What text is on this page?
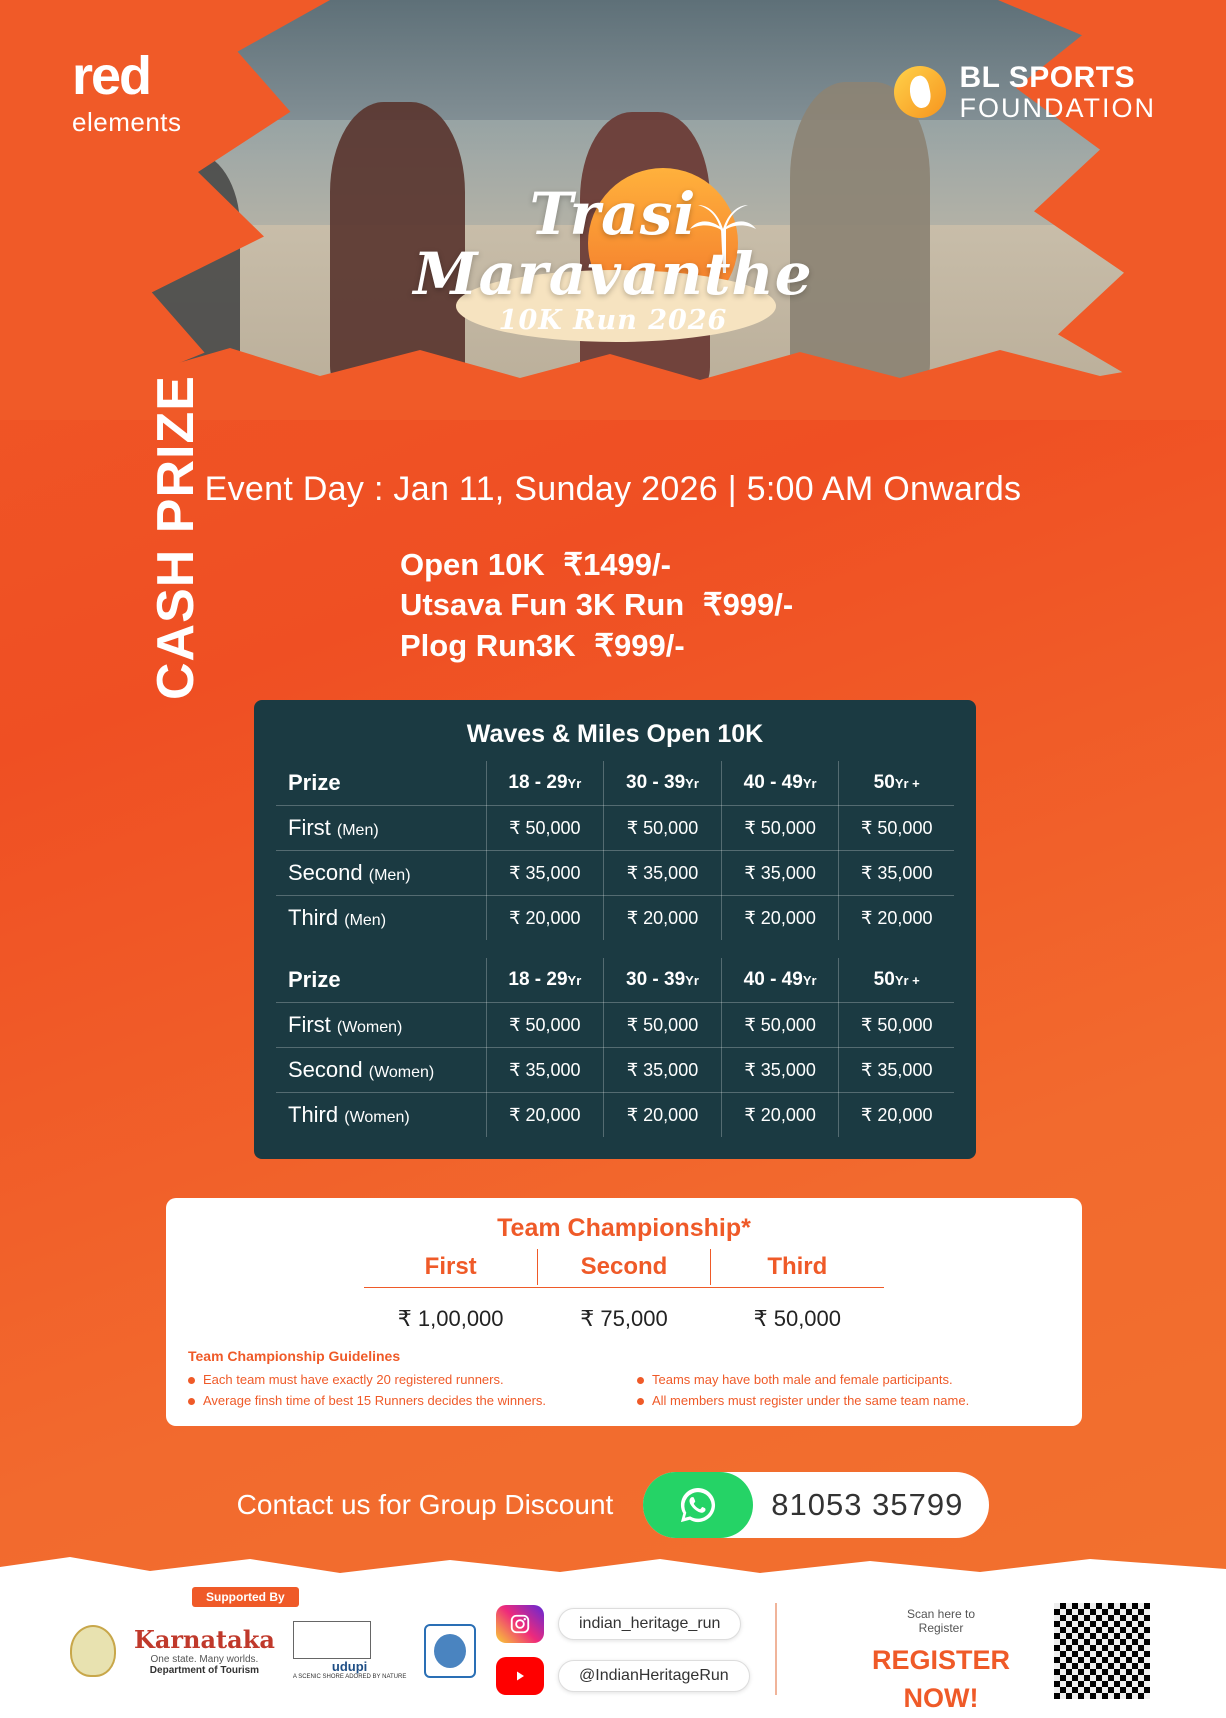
red
elements
BL SPORTS
FOUNDATION
Trasi
Maravanthe
10K Run 2026
Event Day : Jan 11, Sunday 2026 | 5:00 AM Onwards
Open 10K ₹1499/-
Utsava Fun 3K Run ₹999/-
Plog Run3K ₹999/-
CASH PRIZE
Waves & Miles Open 10K
Prize	18 - 29Yr	30 - 39Yr	40 - 49Yr	50Yr +
First (Men)	₹ 50,000	₹ 50,000	₹ 50,000	₹ 50,000
Second (Men)	₹ 35,000	₹ 35,000	₹ 35,000	₹ 35,000
Third (Men)	₹ 20,000	₹ 20,000	₹ 20,000	₹ 20,000
Prize	18 - 29Yr	30 - 39Yr	40 - 49Yr	50Yr +
First (Women)	₹ 50,000	₹ 50,000	₹ 50,000	₹ 50,000
Second (Women)	₹ 35,000	₹ 35,000	₹ 35,000	₹ 35,000
Third (Women)	₹ 20,000	₹ 20,000	₹ 20,000	₹ 20,000
Team Championship*
First	Second	Third
₹ 1,00,000	₹ 75,000	₹ 50,000
Team Championship Guidelines
Each team must have exactly 20 registered runners.	Teams may have both male and female participants.
Average finsh time of best 15 Runners decides the winners.	All members must register under the same team name.
Contact us for Group Discount	81053 35799
Supported By
Karnataka
One state. Many worlds.
Department of Tourism	udupi
A SCENIC SHORE ADORED BY NATURE
indian_heritage_run
@IndianHeritageRun
Scan here to
Register
REGISTER
NOW!
